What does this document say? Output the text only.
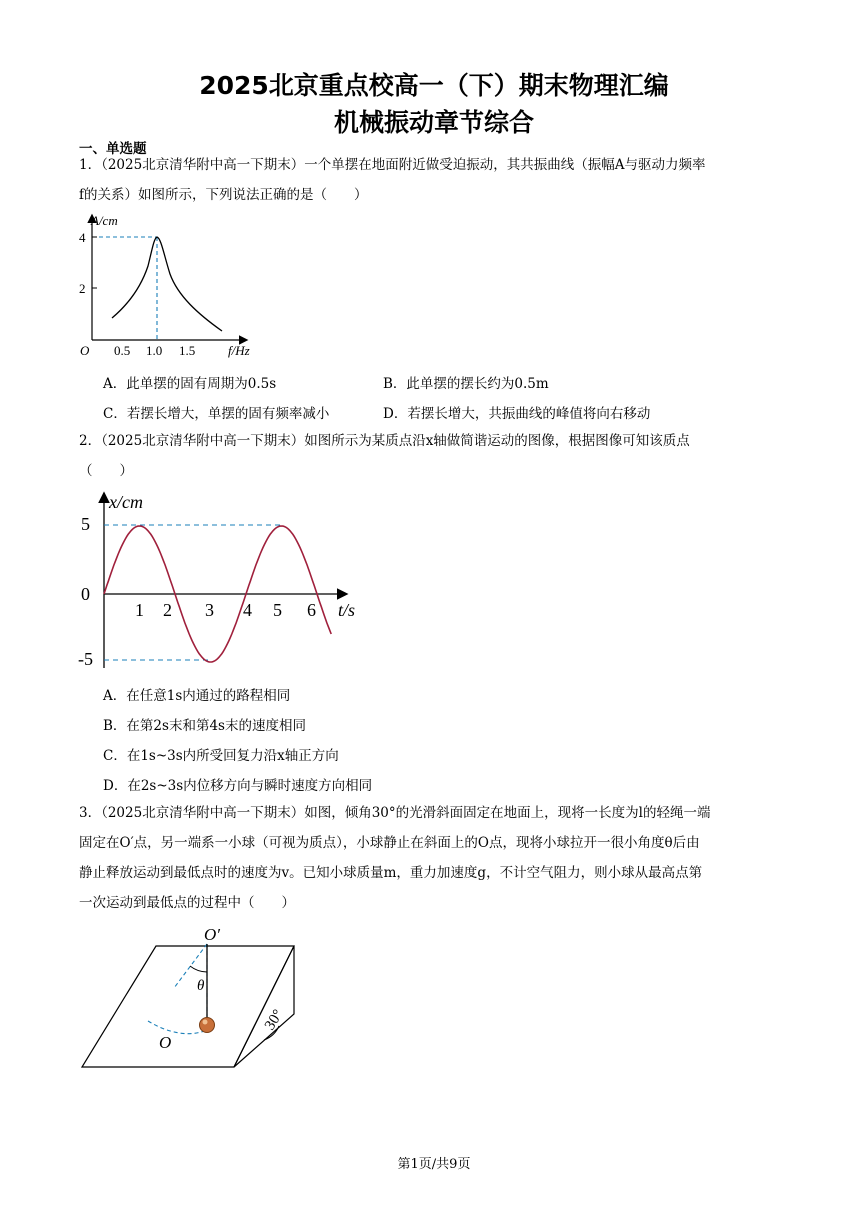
2025北京重点校高一（下）期末物理汇编
机械振动章节综合
一、单选题
1．（2025北京清华附中高一下期末）一个单摆在地面附近做受迫振动，其共振曲线（振幅A与驱动力频率
f的关系）如图所示，下列说法正确的是（　　）
A/cm
4
2
O 0.5 1.0 1.5	f/Hz
A．此单摆的固有周期为0.5s	B．此单摆的摆长约为0.5m
C．若摆长增大，单摆的固有频率减小	D．若摆长增大，共振曲线的峰值将向右移动
2．（2025北京清华附中高一下期末）如图所示为某质点沿x轴做简谐运动的图像，根据图像可知该质点
（　　）
x/cm
5
0
-5
1 2 3 4 5 6 t/s
A．在任意1s内通过的路程相同
B．在第2s末和第4s末的速度相同
C．在1s~3s内所受回复力沿x轴正方向
D．在2s~3s内位移方向与瞬时速度方向相同
3．（2025北京清华附中高一下期末）如图，倾角30°的光滑斜面固定在地面上，现将一长度为l的轻绳一端
固定在O′点，另一端系一小球（可视为质点），小球静止在斜面上的O点，现将小球拉开一很小角度θ后由
静止释放运动到最低点时的速度为v。已知小球质量m，重力加速度g，不计空气阻力，则小球从最高点第
一次运动到最低点的过程中（　　）
O′
θ
O
30°
第1页/共9页
